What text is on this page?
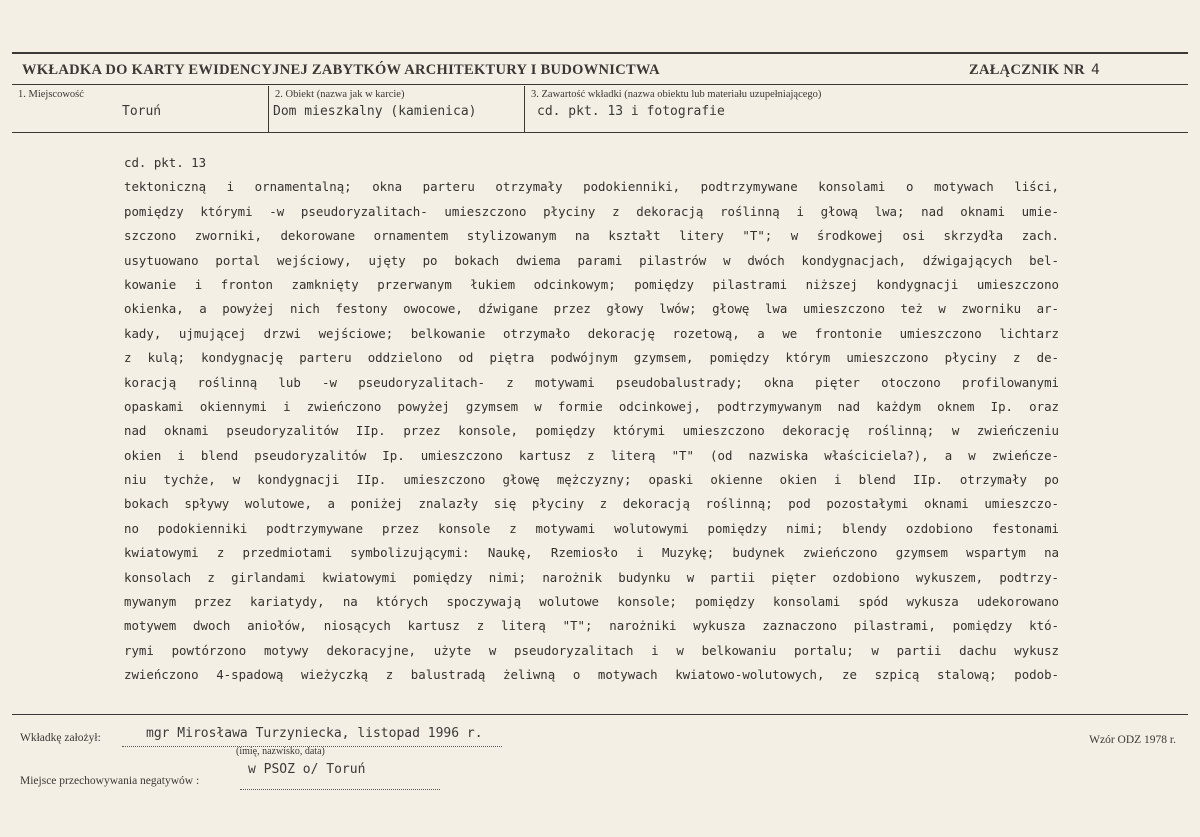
WKŁADKA DO KARTY EWIDENCYJNEJ ZABYTKÓW ARCHITEKTURY I BUDOWNICTWA	ZAŁĄCZNIK NR 4
1. Miejscowość
Toruń
2. Obiekt (nazwa jak w karcie)
Dom mieszkalny (kamienica)
3. Zawartość wkładki (nazwa obiektu lub materiału uzupełniającego)
cd. pkt. 13 i fotografie
cd. pkt. 13
tektoniczną i ornamentalną; okna parteru otrzymały podokienniki, podtrzymywane konsolami o motywach liści,
pomiędzy którymi -w pseudoryzalitach- umieszczono płyciny z dekoracją roślinną i głową lwa; nad oknami umie-
szczono zworniki, dekorowane ornamentem stylizowanym na kształt litery "T"; w środkowej osi skrzydła zach.
usytuowano portal wejściowy, ujęty po bokach dwiema parami pilastrów w dwóch kondygnacjach, dźwigających bel-
kowanie i fronton zamknięty przerwanym łukiem odcinkowym; pomiędzy pilastrami niższej kondygnacji umieszczono
okienka, a powyżej nich festony owocowe, dźwigane przez głowy lwów; głowę lwa umieszczono też w zworniku ar-
kady, ujmującej drzwi wejściowe; belkowanie otrzymało dekorację rozetową, a we frontonie umieszczono lichtarz
z kulą; kondygnację parteru oddzielono od piętra podwójnym gzymsem, pomiędzy którym umieszczono płyciny z de-
koracją roślinną lub -w pseudoryzalitach- z motywami pseudobalustrady; okna pięter otoczono profilowanymi
opaskami okiennymi i zwieńczono powyżej gzymsem w formie odcinkowej, podtrzymywanym nad każdym oknem Ip. oraz
nad oknami pseudoryzalitów IIp. przez konsole, pomiędzy którymi umieszczono dekorację roślinną; w zwieńczeniu
okien i blend pseudoryzalitów Ip. umieszczono kartusz z literą "T" (od nazwiska właściciela?), a w zwieńcze-
niu tychże, w kondygnacji IIp. umieszczono głowę mężczyzny; opaski okienne okien i blend IIp. otrzymały po
bokach spływy wolutowe, a poniżej znalazły się płyciny z dekoracją roślinną; pod pozostałymi oknami umieszczo-
no podokienniki podtrzymywane przez konsole z motywami wolutowymi pomiędzy nimi; blendy ozdobiono festonami
kwiatowymi z przedmiotami symbolizującymi: Naukę, Rzemiosło i Muzykę; budynek zwieńczono gzymsem wspartym na
konsolach z girlandami kwiatowymi pomiędzy nimi; narożnik budynku w partii pięter ozdobiono wykuszem, podtrzy-
mywanym przez kariatydy, na których spoczywają wolutowe konsole; pomiędzy konsolami spód wykusza udekorowano
motywem dwoch aniołów, niosących kartusz z literą "T"; narożniki wykusza zaznaczono pilastrami, pomiędzy któ-
rymi powtórzono motywy dekoracyjne, użyte w pseudoryzalitach i w belkowaniu portalu; w partii dachu wykusz
zwieńczono 4-spadową wieżyczką z balustradą żeliwną o motywach kwiatowo-wolutowych, ze szpicą stalową; podob-
Wkładkę założył:	mgr Mirosława Turzyniecka, listopad 1996 r.
(imię, nazwisko, data)
Miejsce przechowywania negatywów :
w PSOZ o/ Toruń
Wzór ODZ 1978 r.
